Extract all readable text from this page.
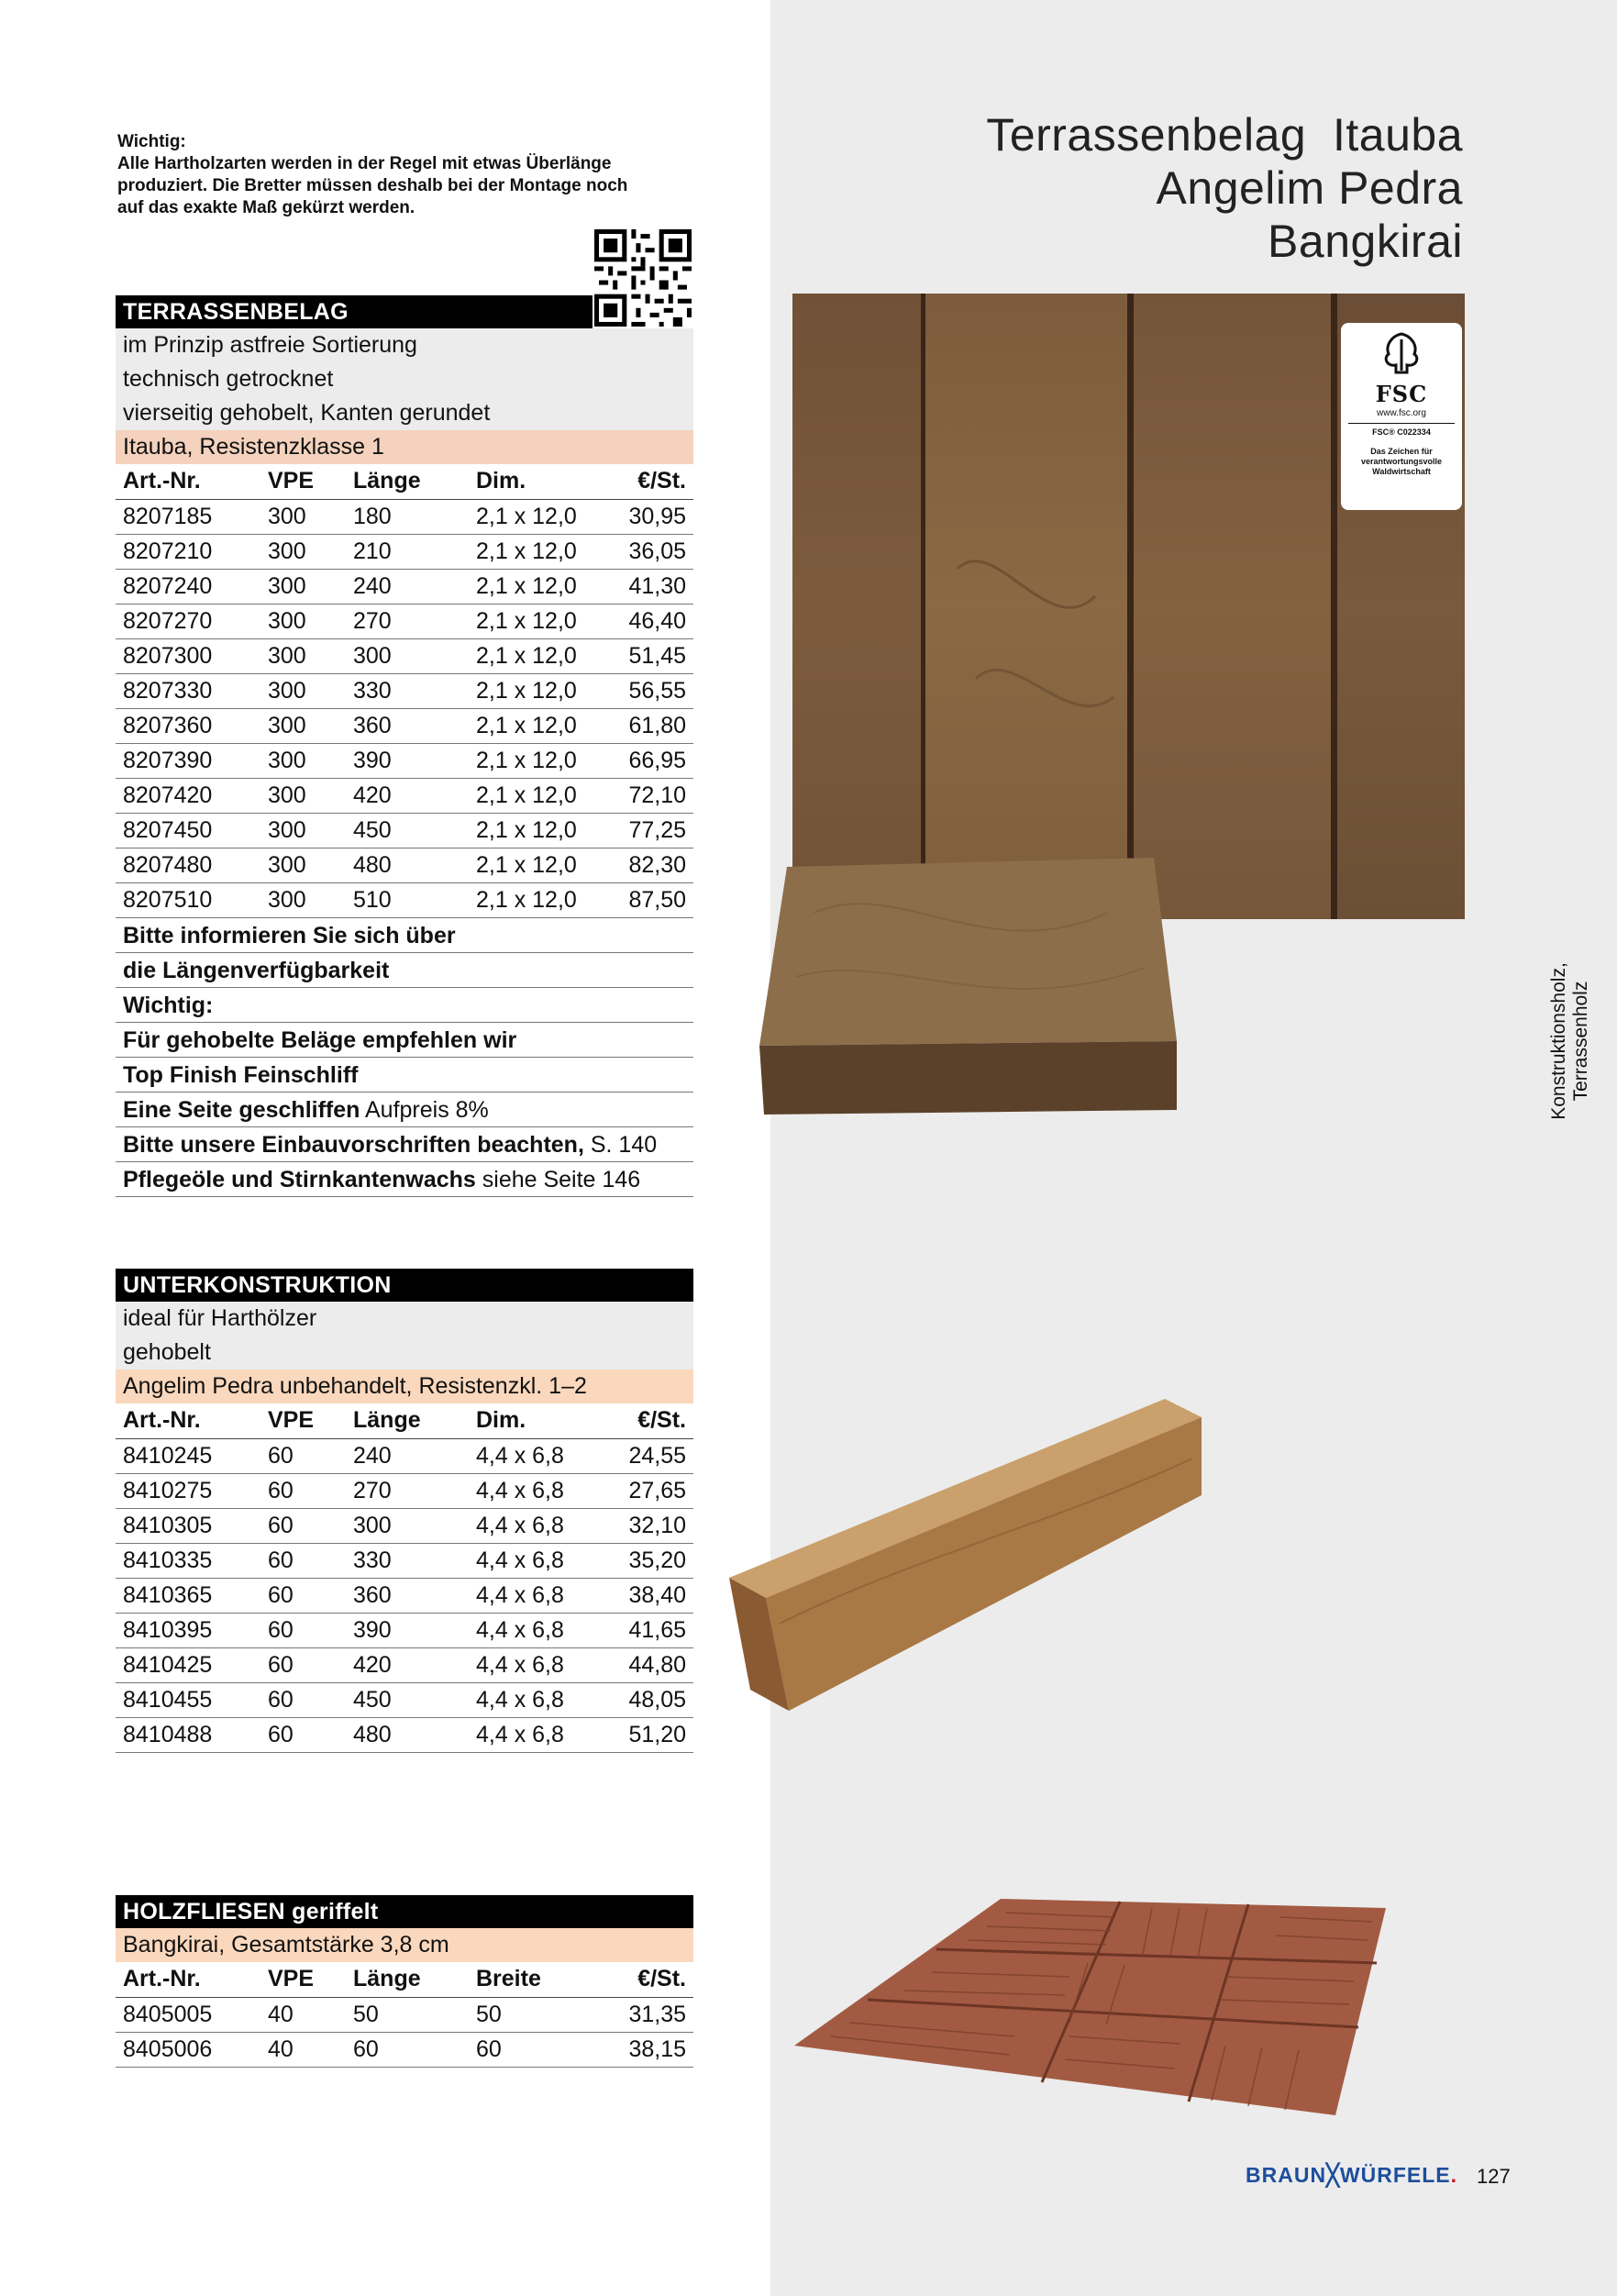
Wichtig:
Alle Hartholzarten werden in der Regel mit etwas Überlänge
produziert. Die Bretter müssen deshalb bei der Montage noch
auf das exakte Maß gekürzt werden.
TERRASSENBELAG
im Prinzip astfreie Sortierung
technisch getrocknet
vierseitig gehobelt, Kanten gerundet
Itauba, Resistenzklasse 1
Art.-Nr.	VPE	Länge	Dim.	€/St.
8207185	300	180	2,1 x 12,0	30,95
8207210	300	210	2,1 x 12,0	36,05
8207240	300	240	2,1 x 12,0	41,30
8207270	300	270	2,1 x 12,0	46,40
8207300	300	300	2,1 x 12,0	51,45
8207330	300	330	2,1 x 12,0	56,55
8207360	300	360	2,1 x 12,0	61,80
8207390	300	390	2,1 x 12,0	66,95
8207420	300	420	2,1 x 12,0	72,10
8207450	300	450	2,1 x 12,0	77,25
8207480	300	480	2,1 x 12,0	82,30
8207510	300	510	2,1 x 12,0	87,50
Bitte informieren Sie sich über
die Längenverfügbarkeit
Wichtig:
Für gehobelte Beläge empfehlen wir
Top Finish Feinschliff
Eine Seite geschliffen Aufpreis 8%
Bitte unsere Einbauvorschriften beachten, S. 140
Pflegeöle und Stirnkantenwachs siehe Seite 146
UNTERKONSTRUKTION
ideal für Harthölzer
gehobelt
Angelim Pedra unbehandelt, Resistenzkl. 1–2
Art.-Nr.	VPE	Länge	Dim.	€/St.
8410245	60	240	4,4 x 6,8	24,55
8410275	60	270	4,4 x 6,8	27,65
8410305	60	300	4,4 x 6,8	32,10
8410335	60	330	4,4 x 6,8	35,20
8410365	60	360	4,4 x 6,8	38,40
8410395	60	390	4,4 x 6,8	41,65
8410425	60	420	4,4 x 6,8	44,80
8410455	60	450	4,4 x 6,8	48,05
8410488	60	480	4,4 x 6,8	51,20
HOLZFLIESEN geriffelt
Bangkirai, Gesamtstärke 3,8 cm
Art.-Nr.	VPE	Länge	Breite	€/St.
8405005	40	50	50	31,35
8405006	40	60	60	38,15
Terrassenbelag  Itauba
Angelim Pedra
Bangkirai
FSC
www.fsc.org
FSC® C022334
Das Zeichen für
verantwortungsvolle
Waldwirtschaft
Konstruktionsholz, Terrassenholz
BRAUN╳WÜRFELE. 127
